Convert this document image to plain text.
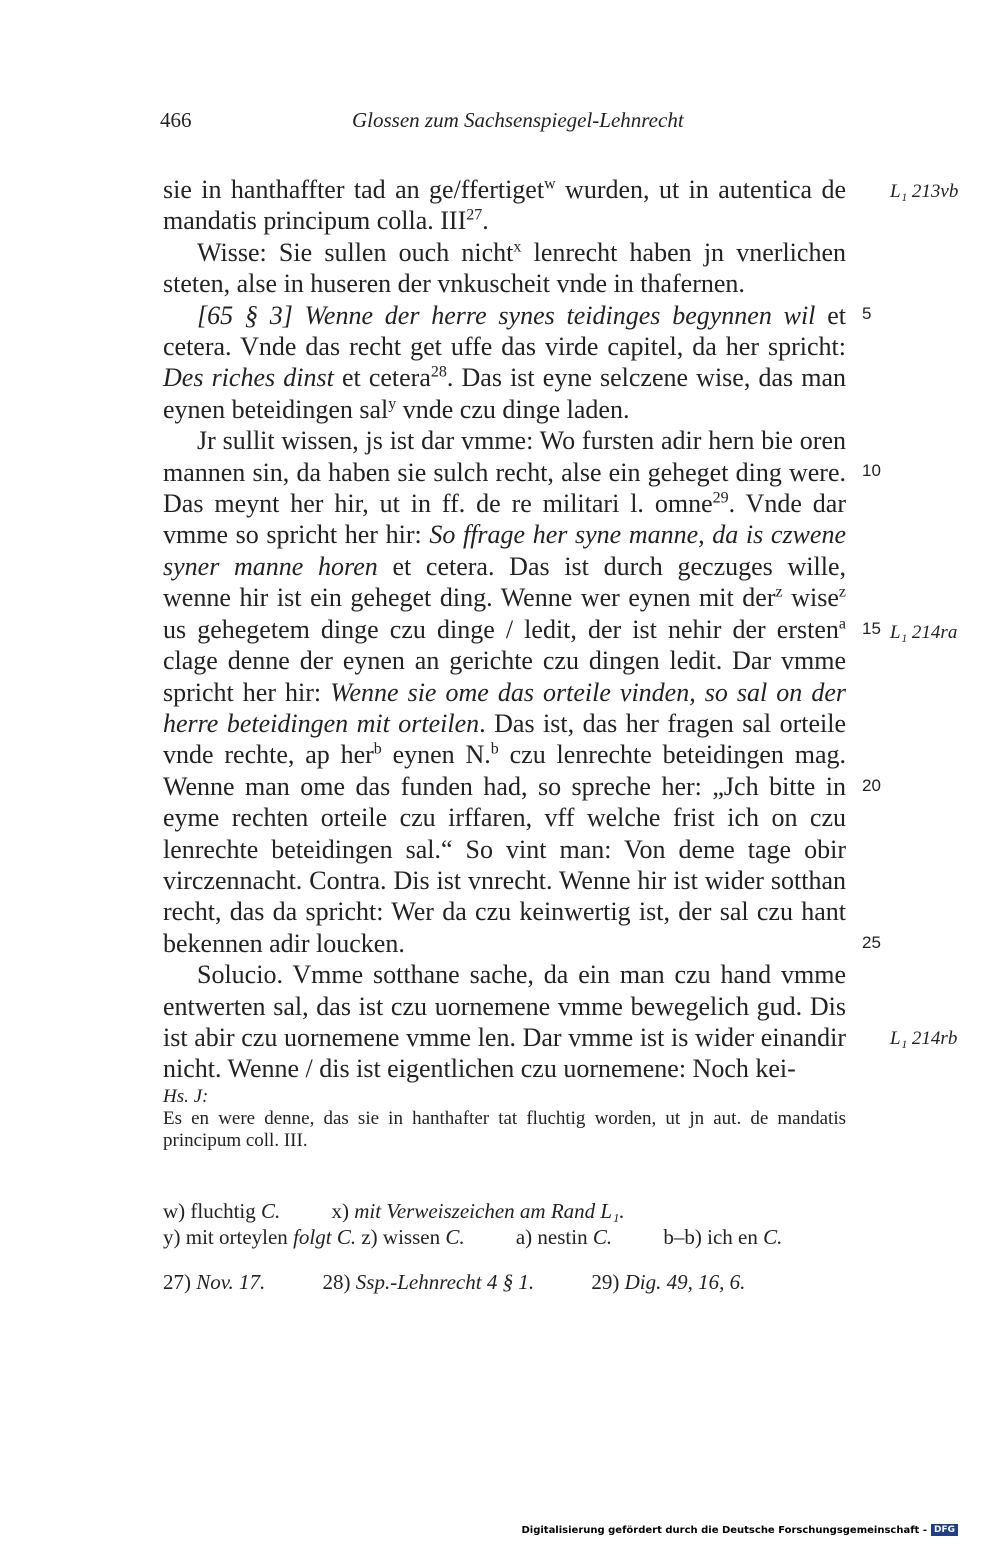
466	Glossen zum Sachsenspiegel-Lehnrecht

sie in hanthaffter tad an ge/ffertiget$^w$ wurden, ut in autentica de mandatis principum colla. III$^{27}$.

Wisse: Sie sullen ouch nicht$^x$ lenrecht haben jn vnerlichen steten, alse in huseren der vnkuscheit vnde in thafernen.

[65 § 3] Wenne der herre synes teidinges begynnen wil et cetera. Vnde das recht get uffe das virde capitel, da her spricht: Des riches dinst et cetera$^{28}$. Das ist eyne selczene wise, das man eynen beteidingen sal$^y$ vnde czu dinge laden.

Jr sullit wissen, js ist dar vmme: Wo fursten adir hern bie oren mannen sin, da haben sie sulch recht, alse ein geheget ding were. Das meynt her hir, ut in ff. de re militari l. omne$^{29}$. Vnde dar vmme so spricht her hir: So ffrage her syne manne, da is czwene syner manne horen et cetera. Das ist durch geczuges wille, wenne hir ist ein geheget ding. Wenne wer eynen mit der$^z$ wise$^z$ us gehegetem dinge czu dinge / ledit, der ist nehir der ersten$^a$ clage denne der eynen an gerichte czu dingen ledit. Dar vmme spricht her hir: Wenne sie ome das orteile vinden, so sal on der herre beteidingen mit orteilen. Das ist, das her fragen sal orteile vnde rechte, ap her$^b$ eynen N.$^b$ czu lenrechte beteidingen mag. Wenne man ome das funden had, so spreche her: „Jch bitte in eyme rechten orteile czu irffaren, vff welche frist ich on czu lenrechte beteidingen sal.“ So vint man: Von deme tage obir virczennacht. Contra. Dis ist vnrecht. Wenne hir ist wider sotthan recht, das da spricht: Wer da czu keinwertig ist, der sal czu hant bekennen adir loucken.

Solucio. Vmme sotthane sache, da ein man czu hand vmme entwerten sal, das ist czu uornemene vmme bewegelich gud. Dis ist abir czu uornemene vmme len. Dar vmme ist is wider einandir nicht. Wenne / dis ist eigentlichen czu uornemene: Noch kei-

5
10
15
20
25
L₁ 213vb
L₁ 214ra
L₁ 214rb
Hs. J:
Es en were denne, das sie in hanthafter tat fluchtig worden, ut jn aut. de mandatis principum coll. III.
w) fluchtig C. x) mit Verweiszeichen am Rand L₁. y) mit orteylen folgt C. z) wissen C. a) nestin C. b–b) ich en C.
27) Nov. 17.	28) Ssp.-Lehnrecht 4 § 1.	29) Dig. 49, 16, 6.
Digitalisierung gefördert durch die Deutsche Forschungsgemeinschaft - DFG
